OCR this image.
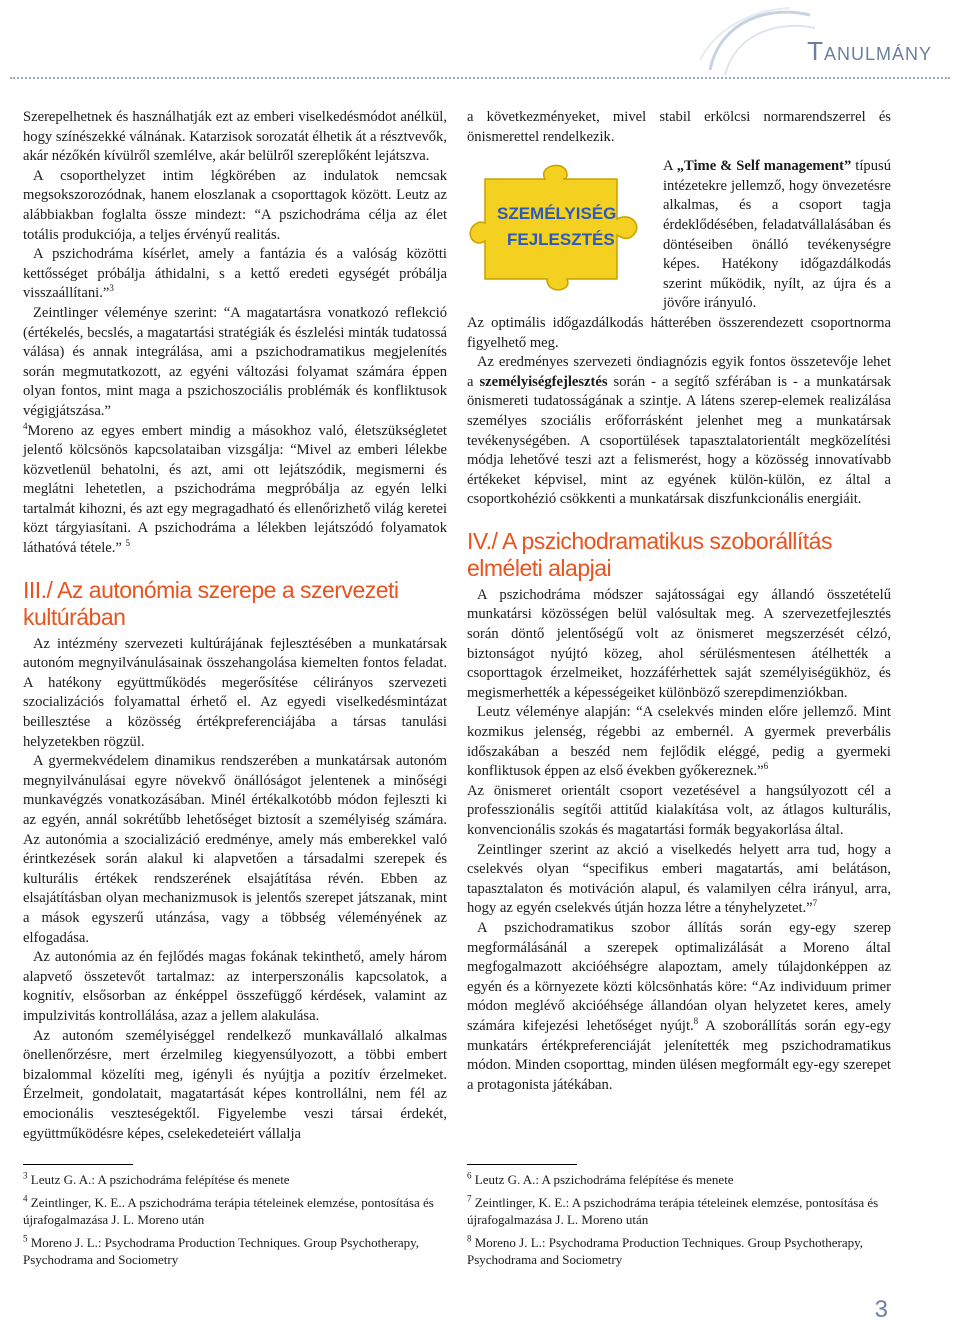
Tanulmány

Szerepelhetnek és használhatják ezt az emberi viselkedésmódot anélkül, hogy színészekké válnának. Katarzisok sorozatát élhetik át a résztvevők, akár nézőkén kívülről szemlélve, akár belülről szereplőként lejátszva.

A csoporthelyzet intim légkörében az indulatok nemcsak megsokszorozódnak, hanem eloszlanak a csoporttagok között. Leutz az alábbiakban foglalta össze mindezt: “A pszichodráma célja az élet totális produkciója, a teljes érvényű realitás.

A pszichodráma kísérlet, amely a fantázia és a valóság közötti kettősséget próbálja áthidalni, s a kettő eredeti egységét próbálja visszaállítani.”$^3$

Zeintlinger véleménye szerint: “A magatartásra vonatkozó reflekció (értékelés, becslés, a magatartási stratégiák és észlelési minták tudatossá válása) és annak integrálása, ami a pszichodramatikus megjelenítés során megmutatkozott, az egyéni változási folyamat számára éppen olyan fontos, mint maga a pszichoszociális problémák és konfliktusok végigjátszása.”

$^4$Moreno az egyes embert mindig a másokhoz való, életszükségletet jelentő kölcsönös kapcsolataiban vizsgálja: “Mivel az emberi lélekbe közvetlenül behatolni, és azt, ami ott lejátszódik, megismerni és meglátni lehetetlen, a pszichodráma megpróbálja az egyén lelki tartalmát kihozni, és azt egy megragadható és ellenőrizhető világ keretei közt tárgyiasítani. A pszichodráma a lélekben lejátszódó folyamatok láthatóvá tétele.” $^5$

III./ Az autonómia szerepe a szervezeti kultúrában

Az intézmény szervezeti kultúrájának fejlesztésében a munkatársak autonóm megnyilvánulásainak összehangolása kiemelten fontos feladat. A hatékony együttműködés megerősítése célirányos szervezeti szocializációs folyamattal érhető el. Az egyedi viselkedésmintázat beillesztése a közösség értékpreferenciájába a társas tanulási helyzetekben rögzül.

A gyermekvédelem dinamikus rendszerében a munkatársak autonóm megnyilvánulásai egyre növekvő önállóságot jelentenek a minőségi munkavégzés vonatkozásában. Minél értékalkotóbb módon fejleszti ki az egyén, annál sokrétűbb lehetőséget biztosít a személyiség számára. Az autonómia a szocializáció eredménye, amely más emberekkel való érintkezések során alakul ki alapvetően a társadalmi szerepek és kulturális értékek rendszerének elsajátítása révén. Ebben az elsajátításban olyan mechanizmusok is jelentős szerepet játszanak, mint a mások egyszerű utánzása, vagy a többség véleményének az elfogadása.

Az autonómia az én fejlődés magas fokának tekinthető, amely három alapvető összetevőt tartalmaz: az interperszonális kapcsolatok, a kognitív, elsősorban az énképpel összefüggő kérdések, valamint az impulzivitás kontrollálása, azaz a jellem alakulása.

Az autonóm személyiséggel rendelkező munkavállaló alkalmas önellenőrzésre, mert érzelmileg kiegyensúlyozott, a többi embert bizalommal közelíti meg, igényli és nyújtja a pozitív érzelmeket. Érzelmeit, gondolatait, magatartását képes kontrollálni, nem fél az emocionális veszteségektől. Figyelembe veszi társai érdekét, együttműködésre képes, cselekedeteiért vállalja

$^3$ Leutz G. A.: A pszichodráma felépítése és menete
$^4$ Zeintlinger, K. E.. A pszichodráma terápia tételeinek elemzése, pontosítása és újrafogalmazása J. L. Moreno után
$^5$ Moreno J. L.: Psychodrama Production Techniques. Group Psychotherapy, Psychodrama and Sociometry

a következményeket, mivel stabil erkölcsi normarendszerrel és önismerettel rendelkezik.

SZEMÉLYISÉG
FEJLESZTÉS

A „Time & Self management” típusú intézetekre jellemző, hogy önvezetésre alkalmas, és a csoport tagja érdeklődésében, feladatvállalásában és döntéseiben önálló tevékenységre képes. Hatékony időgazdálkodás szerint működik, nyílt, az újra és a jövőre irányuló.

Az optimális időgazdálkodás hátterében összerendezett csoportnorma figyelhető meg.

Az eredményes szervezeti öndiagnózis egyik fontos összetevője lehet a személyiségfejlesztés során - a segítő szférában is - a munkatársak önismereti tudatosságának a szintje. A látens szerep-elemek realizálása személyes szociális erőforrásként jelenhet meg a munkatársak tevékenységében. A csoportülések tapasztalatorientált megközelítési módja lehetővé teszi azt a felismerést, hogy a közösség innovatívabb értékeket képvisel, mint az egyének külön-külön, ez által a csoportkohézió csökkenti a munkatársak diszfunkcionális energiáit.

IV./ A pszichodramatikus szoborállítás elméleti alapjai

A pszichodráma módszer sajátosságai egy állandó összetételű munkatársi közösségen belül valósultak meg. A szervezetfejlesztés során döntő jelentőségű volt az önismeret megszerzését célzó, biztonságot nyújtó közeg, ahol sérülésmentesen átélhették a csoporttagok érzelmeiket, hozzáférhettek saját személyiségükhöz, és megismerhették a képességeiket különböző szerepdimenziókban.

Leutz véleménye alapján: “A cselekvés minden előre jellemző. Mint kozmikus jelenség, régebbi az embernél. A gyermek preverbális időszakában a beszéd nem fejlődik eléggé, pedig a gyermeki konfliktusok éppen az első években győkereznek.”$^6$

Az önismeret orientált csoport vezetésével a hangsúlyozott cél a professzionális segítői attitűd kialakítása volt, az átlagos kulturális, konvencionális szokás és magatartási formák begyakorlása által.

Zeintlinger szerint az akció a viselkedés helyett arra tud, hogy a cselekvés olyan “specifikus emberi magatartás, ami belátáson, tapasztalaton és motiváción alapul, és valamilyen célra irányul, arra, hogy az egyén cselekvés útján hozza létre a tényhelyzetet.”$^7$

A pszichodramatikus szobor állítás során egy-egy szerep megformálásánál a szerepek optimalizálását a Moreno által megfogalmazott akcióéhségre alapoztam, amely túlajdonképpen az egyén és a környezete közti kölcsönhatás köre: “Az individuum primer módon meglévő akcióéhsége állandóan olyan helyzetet keres, amely számára kifejezési lehetőséget nyújt.$^8$ A szoborállítás során egy-egy munkatárs értékpreferenciáját jelenítették meg pszichodramatikus módon. Minden csoporttag, minden ülésen megformált egy-egy szerepet a protagonista játékában.

$^6$ Leutz G. A.: A pszichodráma felépítése és menete
$^7$ Zeintlinger, K. E.: A pszichodráma terápia tételeinek elemzése, pontosítása és újrafogalmazása J. L. Moreno után
$^8$ Moreno J. L.: Psychodrama Production Techniques. Group Psychotherapy, Psychodrama and Sociometry
3
